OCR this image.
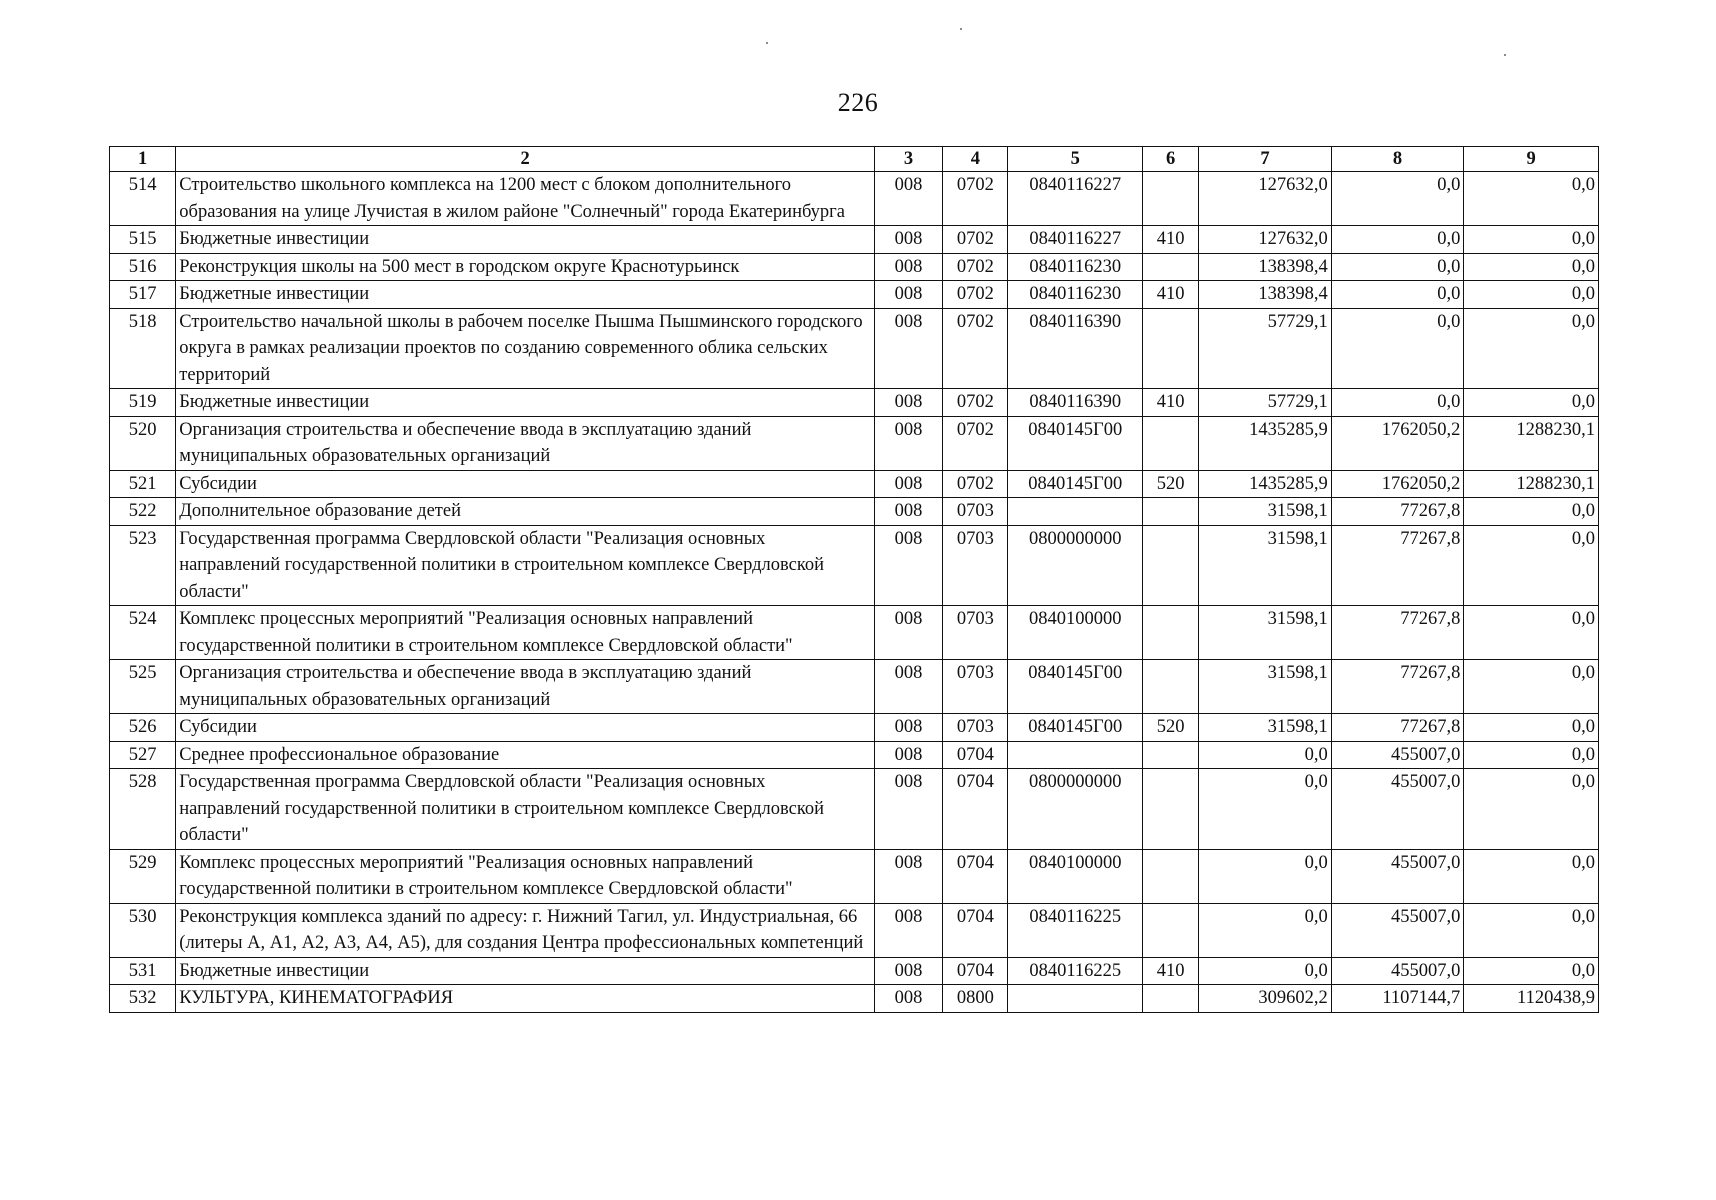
226
1	2	3	4	5	6	7	8	9
514	Строительство школьного комплекса на 1200 мест с блоком дополнительного образования на улице Лучистая в жилом районе "Солнечный" города Екатеринбурга	008	0702	0840116227		127632,0	0,0	0,0
515	Бюджетные инвестиции	008	0702	0840116227	410	127632,0	0,0	0,0
516	Реконструкция школы на 500 мест в городском округе Краснотурьинск	008	0702	0840116230		138398,4	0,0	0,0
517	Бюджетные инвестиции	008	0702	0840116230	410	138398,4	0,0	0,0
518	Строительство начальной школы в рабочем поселке Пышма Пышминского городского округа в рамках реализации проектов по созданию современного облика сельских территорий	008	0702	0840116390		57729,1	0,0	0,0
519	Бюджетные инвестиции	008	0702	0840116390	410	57729,1	0,0	0,0
520	Организация строительства и обеспечение ввода в эксплуатацию зданий муниципальных образовательных организаций	008	0702	0840145Г00		1435285,9	1762050,2	1288230,1
521	Субсидии	008	0702	0840145Г00	520	1435285,9	1762050,2	1288230,1
522	Дополнительное образование детей	008	0703			31598,1	77267,8	0,0
523	Государственная программа Свердловской области "Реализация основных направлений государственной политики в строительном комплексе Свердловской области"	008	0703	0800000000		31598,1	77267,8	0,0
524	Комплекс процессных мероприятий "Реализация основных направлений государственной политики в строительном комплексе Свердловской области"	008	0703	0840100000		31598,1	77267,8	0,0
525	Организация строительства и обеспечение ввода в эксплуатацию зданий муниципальных образовательных организаций	008	0703	0840145Г00		31598,1	77267,8	0,0
526	Субсидии	008	0703	0840145Г00	520	31598,1	77267,8	0,0
527	Среднее профессиональное образование	008	0704			0,0	455007,0	0,0
528	Государственная программа Свердловской области "Реализация основных направлений государственной политики в строительном комплексе Свердловской области"	008	0704	0800000000		0,0	455007,0	0,0
529	Комплекс процессных мероприятий "Реализация основных направлений государственной политики в строительном комплексе Свердловской области"	008	0704	0840100000		0,0	455007,0	0,0
530	Реконструкция комплекса зданий по адресу: г. Нижний Тагил, ул. Индустриальная, 66 (литеры А, А1, А2, А3, А4, А5), для создания Центра профессиональных компетенций	008	0704	0840116225		0,0	455007,0	0,0
531	Бюджетные инвестиции	008	0704	0840116225	410	0,0	455007,0	0,0
532	КУЛЬТУРА, КИНЕМАТОГРАФИЯ	008	0800			309602,2	1107144,7	1120438,9
